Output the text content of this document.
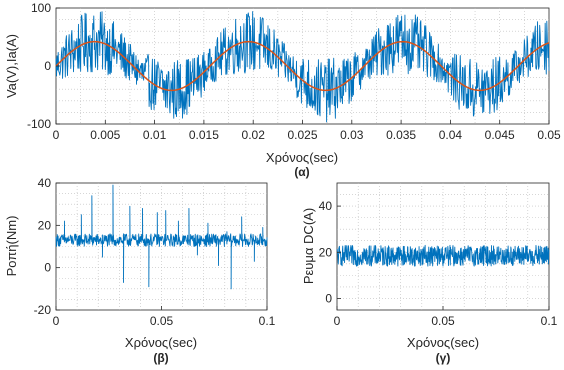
0	0.005 0.01 0.015 0.02 0.025 0.03 0.035 0.04 0.045 0.05
-100
0
100
Χρόνος(sec)
(α)
Va(V),Ia(A)
0	0.05	0.1
-20
0
20
40
Χρόνος(sec)
(β)
Ροπή(Nm)
0	0.05	0.1
0
20
40
Χρόνος(sec)
(γ)
Ρευμα DC(A)
